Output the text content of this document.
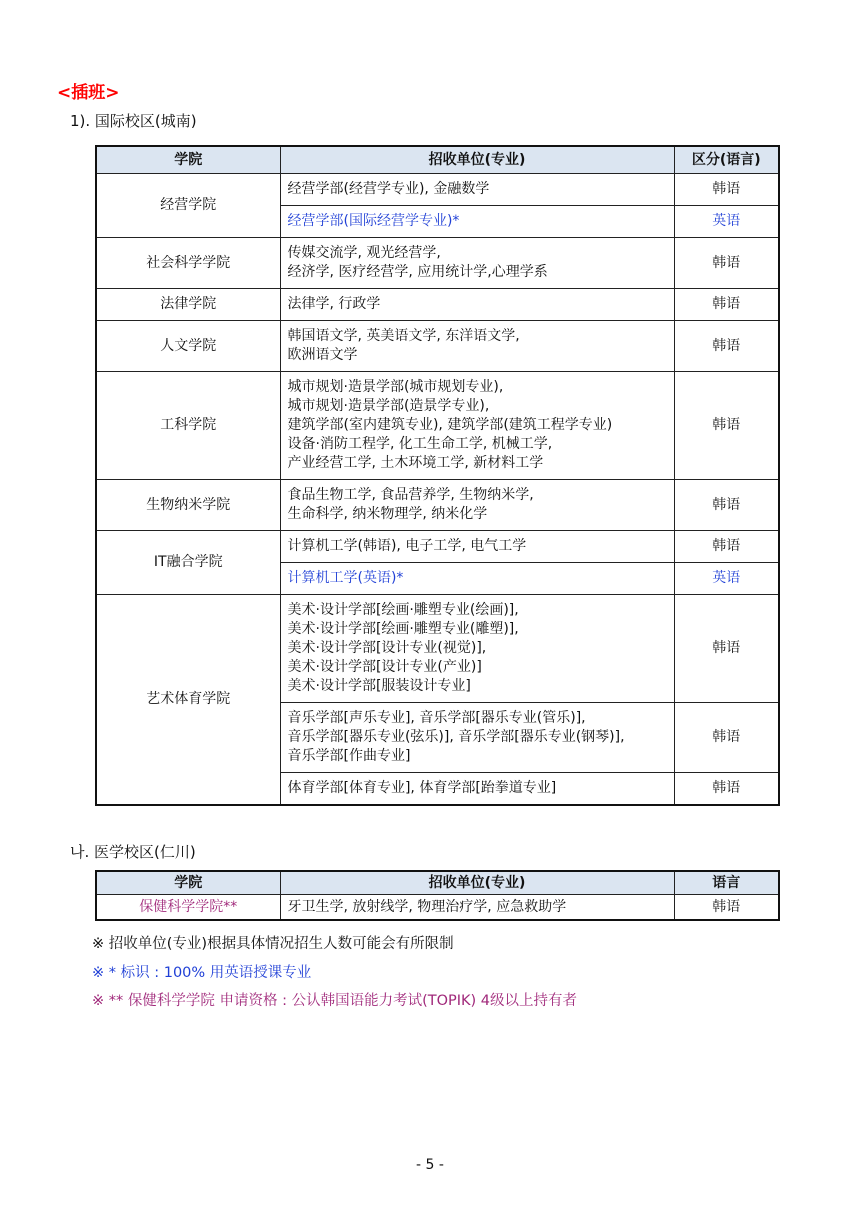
<插班>
1). 国际校区(城南)
学院	招收单位(专业)	区分(语言)
经营学院	经营学部(经营学专业), 金融数学	韩语
	经营学部(国际经营学专业)*	英语
社会科学学院	传媒交流学, 观光经营学,
经济学, 医疗经营学, 应用统计学,心理学系	韩语
法律学院	法律学, 行政学	韩语
人文学院	韩国语文学, 英美语文学, 东洋语文学,
欧洲语文学	韩语
工科学院	城市规划·造景学部(城市规划专业),
城市规划·造景学部(造景学专业),
建筑学部(室内建筑专业), 建筑学部(建筑工程学专业)
设备·消防工程学, 化工生命工学, 机械工学,
产业经营工学, 土木环境工学, 新材料工学	韩语
生物纳米学院	食品生物工学, 食品营养学, 生物纳米学,
生命科学, 纳米物理学, 纳米化学	韩语
IT融合学院	计算机工学(韩语), 电子工学, 电气工学	韩语
	计算机工学(英语)*	英语
艺术体育学院	美术·设计学部[绘画·雕塑专业(绘画)],
美术·设计学部[绘画·雕塑专业(雕塑)],
美术·设计学部[设计专业(视觉)],
美术·设计学部[设计专业(产业)]
美术·设计学部[服装设计专业]	韩语
	音乐学部[声乐专业], 音乐学部[器乐专业(管乐)],
音乐学部[器乐专业(弦乐)], 音乐学部[器乐专业(钢琴)],
音乐学部[作曲专业]	韩语
	体育学部[体育专业], 体育学部[跆拳道专业]	韩语
나. 医学校区(仁川)
学院	招收单位(专业)	语言
保健科学学院**	牙卫生学, 放射线学, 物理治疗学, 应急救助学	韩语
※ 招收单位(专业)根据具体情况招生人数可能会有所限制
※ * 标识 : 100% 用英语授课专业
※ ** 保健科学学院 申请资格 : 公认韩国语能力考试(TOPIK) 4级以上持有者
- 5 -
